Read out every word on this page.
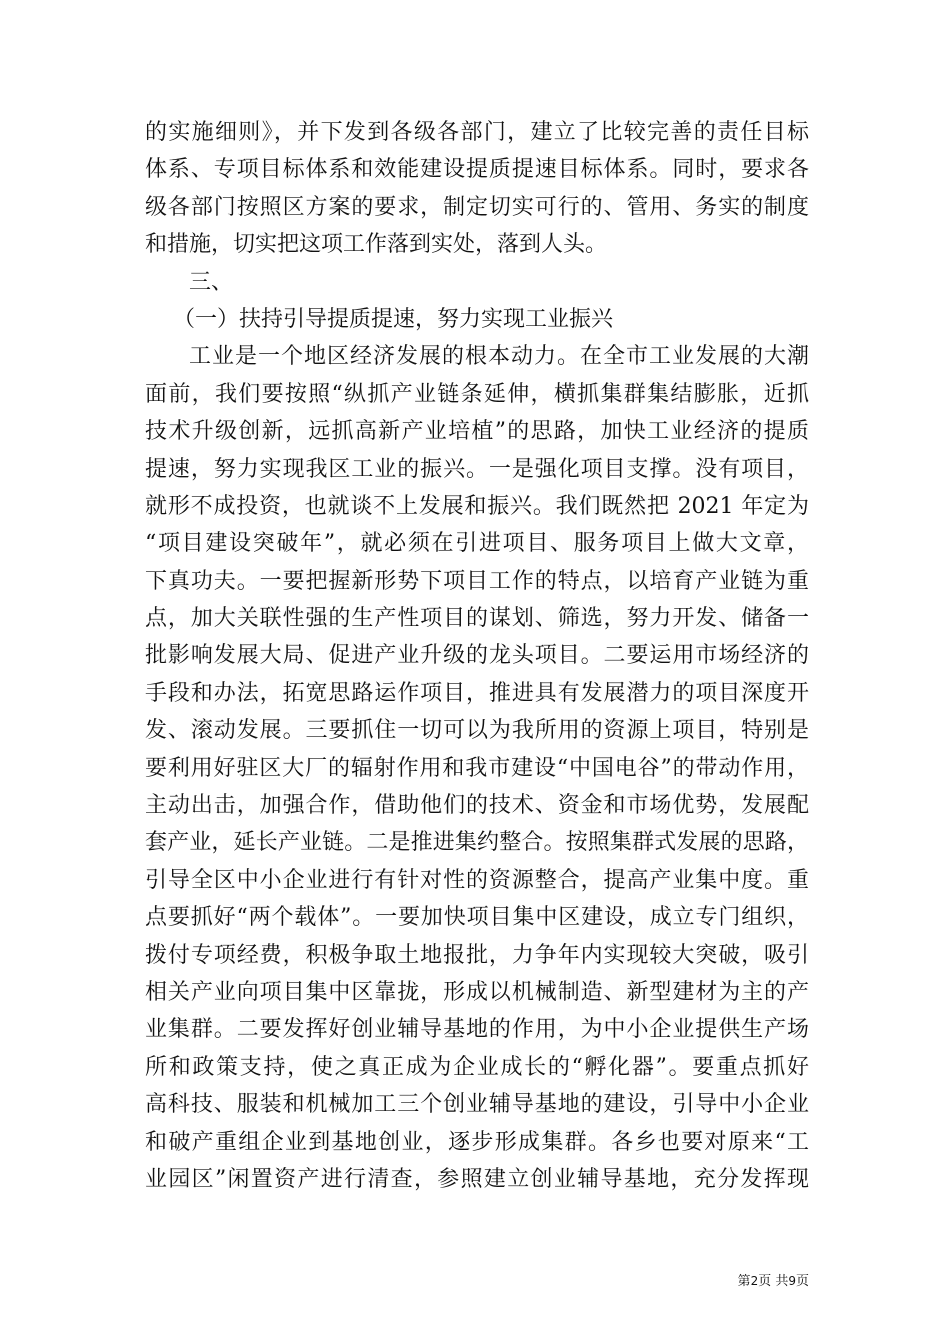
的实施细则》，并下发到各级各部门，建立了比较完善的责任目标
体系、专项目标体系和效能建设提质提速目标体系。同时，要求各
级各部门按照区方案的要求，制定切实可行的、管用、务实的制度
和措施，切实把这项工作落到实处，落到人头。
三、
（一）扶持引导提质提速，努力实现工业振兴
工业是一个地区经济发展的根本动力。在全市工业发展的大潮
面前，我们要按照“纵抓产业链条延伸，横抓集群集结膨胀，近抓
技术升级创新，远抓高新产业培植”的思路，加快工业经济的提质
提速，努力实现我区工业的振兴。一是强化项目支撑。没有项目，
就形不成投资，也就谈不上发展和振兴。我们既然把 2021 年定为
“项目建设突破年”，就必须在引进项目、服务项目上做大文章，
下真功夫。一要把握新形势下项目工作的特点，以培育产业链为重
点，加大关联性强的生产性项目的谋划、筛选，努力开发、储备一
批影响发展大局、促进产业升级的龙头项目。二要运用市场经济的
手段和办法，拓宽思路运作项目，推进具有发展潜力的项目深度开
发、滚动发展。三要抓住一切可以为我所用的资源上项目，特别是
要利用好驻区大厂的辐射作用和我市建设“中国电谷”的带动作用，
主动出击，加强合作，借助他们的技术、资金和市场优势，发展配
套产业，延长产业链。二是推进集约整合。按照集群式发展的思路，
引导全区中小企业进行有针对性的资源整合，提高产业集中度。重
点要抓好“两个载体”。一要加快项目集中区建设，成立专门组织，
拨付专项经费，积极争取土地报批，力争年内实现较大突破，吸引
相关产业向项目集中区靠拢，形成以机械制造、新型建材为主的产
业集群。二要发挥好创业辅导基地的作用，为中小企业提供生产场
所和政策支持，使之真正成为企业成长的“孵化器”。要重点抓好
高科技、服装和机械加工三个创业辅导基地的建设，引导中小企业
和破产重组企业到基地创业，逐步形成集群。各乡也要对原来“工
业园区”闲置资产进行清查，参照建立创业辅导基地，充分发挥现
第2页 共9页
